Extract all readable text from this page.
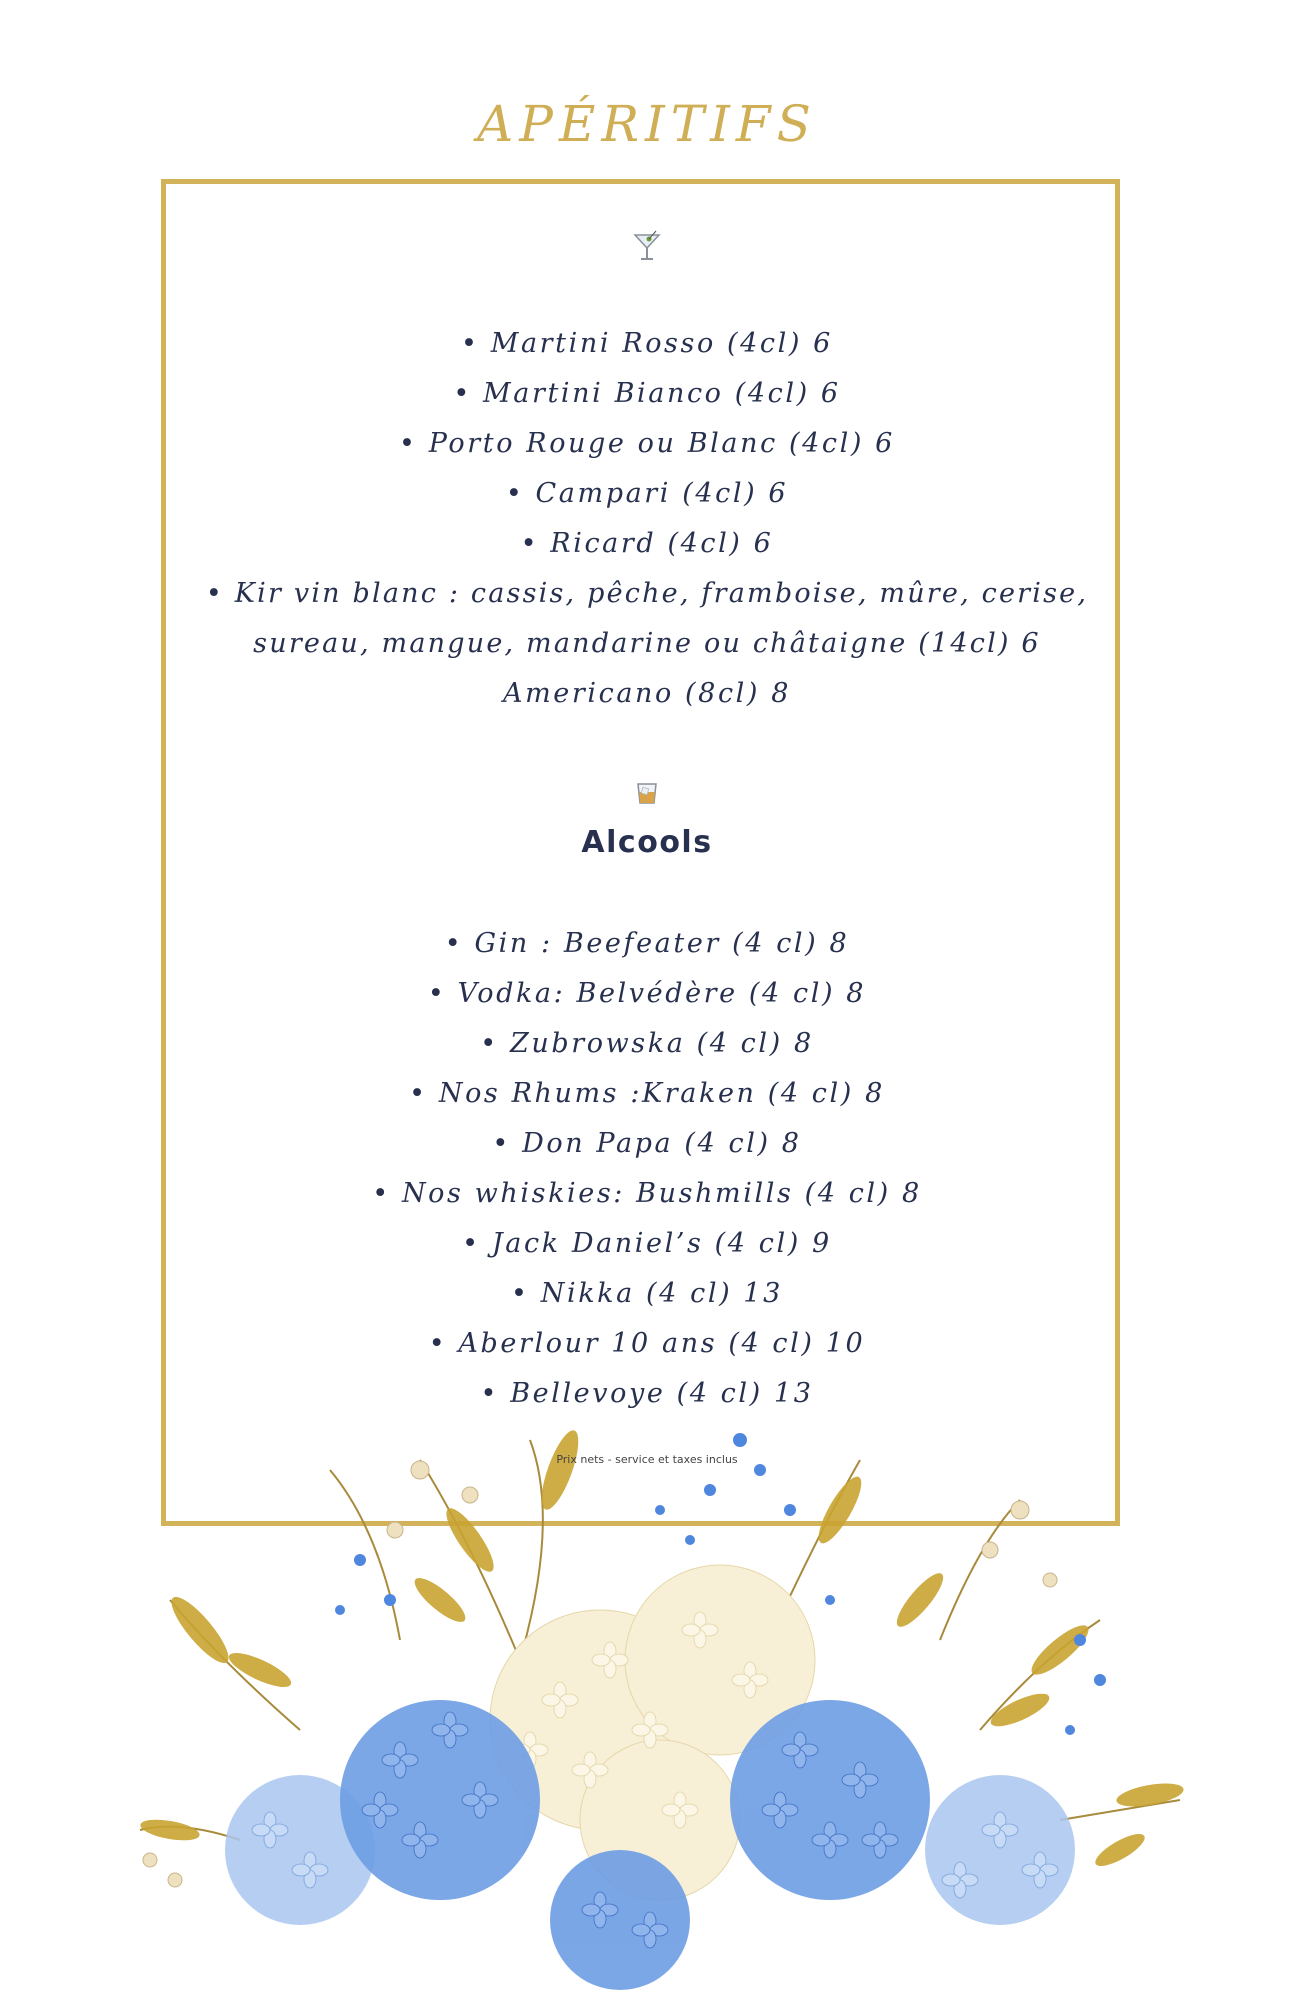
APÉRITIFS
• Martini Rosso (4cl) 6
• Martini Bianco (4cl) 6
• Porto Rouge ou Blanc (4cl) 6
• Campari (4cl) 6
• Ricard (4cl) 6
• Kir vin blanc : cassis, pêche, framboise, mûre, cerise,
sureau, mangue, mandarine ou châtaigne (14cl) 6
Americano (8cl) 8
Alcools
• Gin : Beefeater (4 cl) 8
• Vodka: Belvédère (4 cl) 8
• Zubrowska (4 cl) 8
• Nos Rhums :Kraken (4 cl) 8
• Don Papa (4 cl) 8
• Nos whiskies: Bushmills (4 cl) 8
• Jack Daniel’s (4 cl) 9
• Nikka (4 cl) 13
• Aberlour 10 ans (4 cl) 10
• Bellevoye (4 cl) 13
Prix nets - service et taxes inclus
